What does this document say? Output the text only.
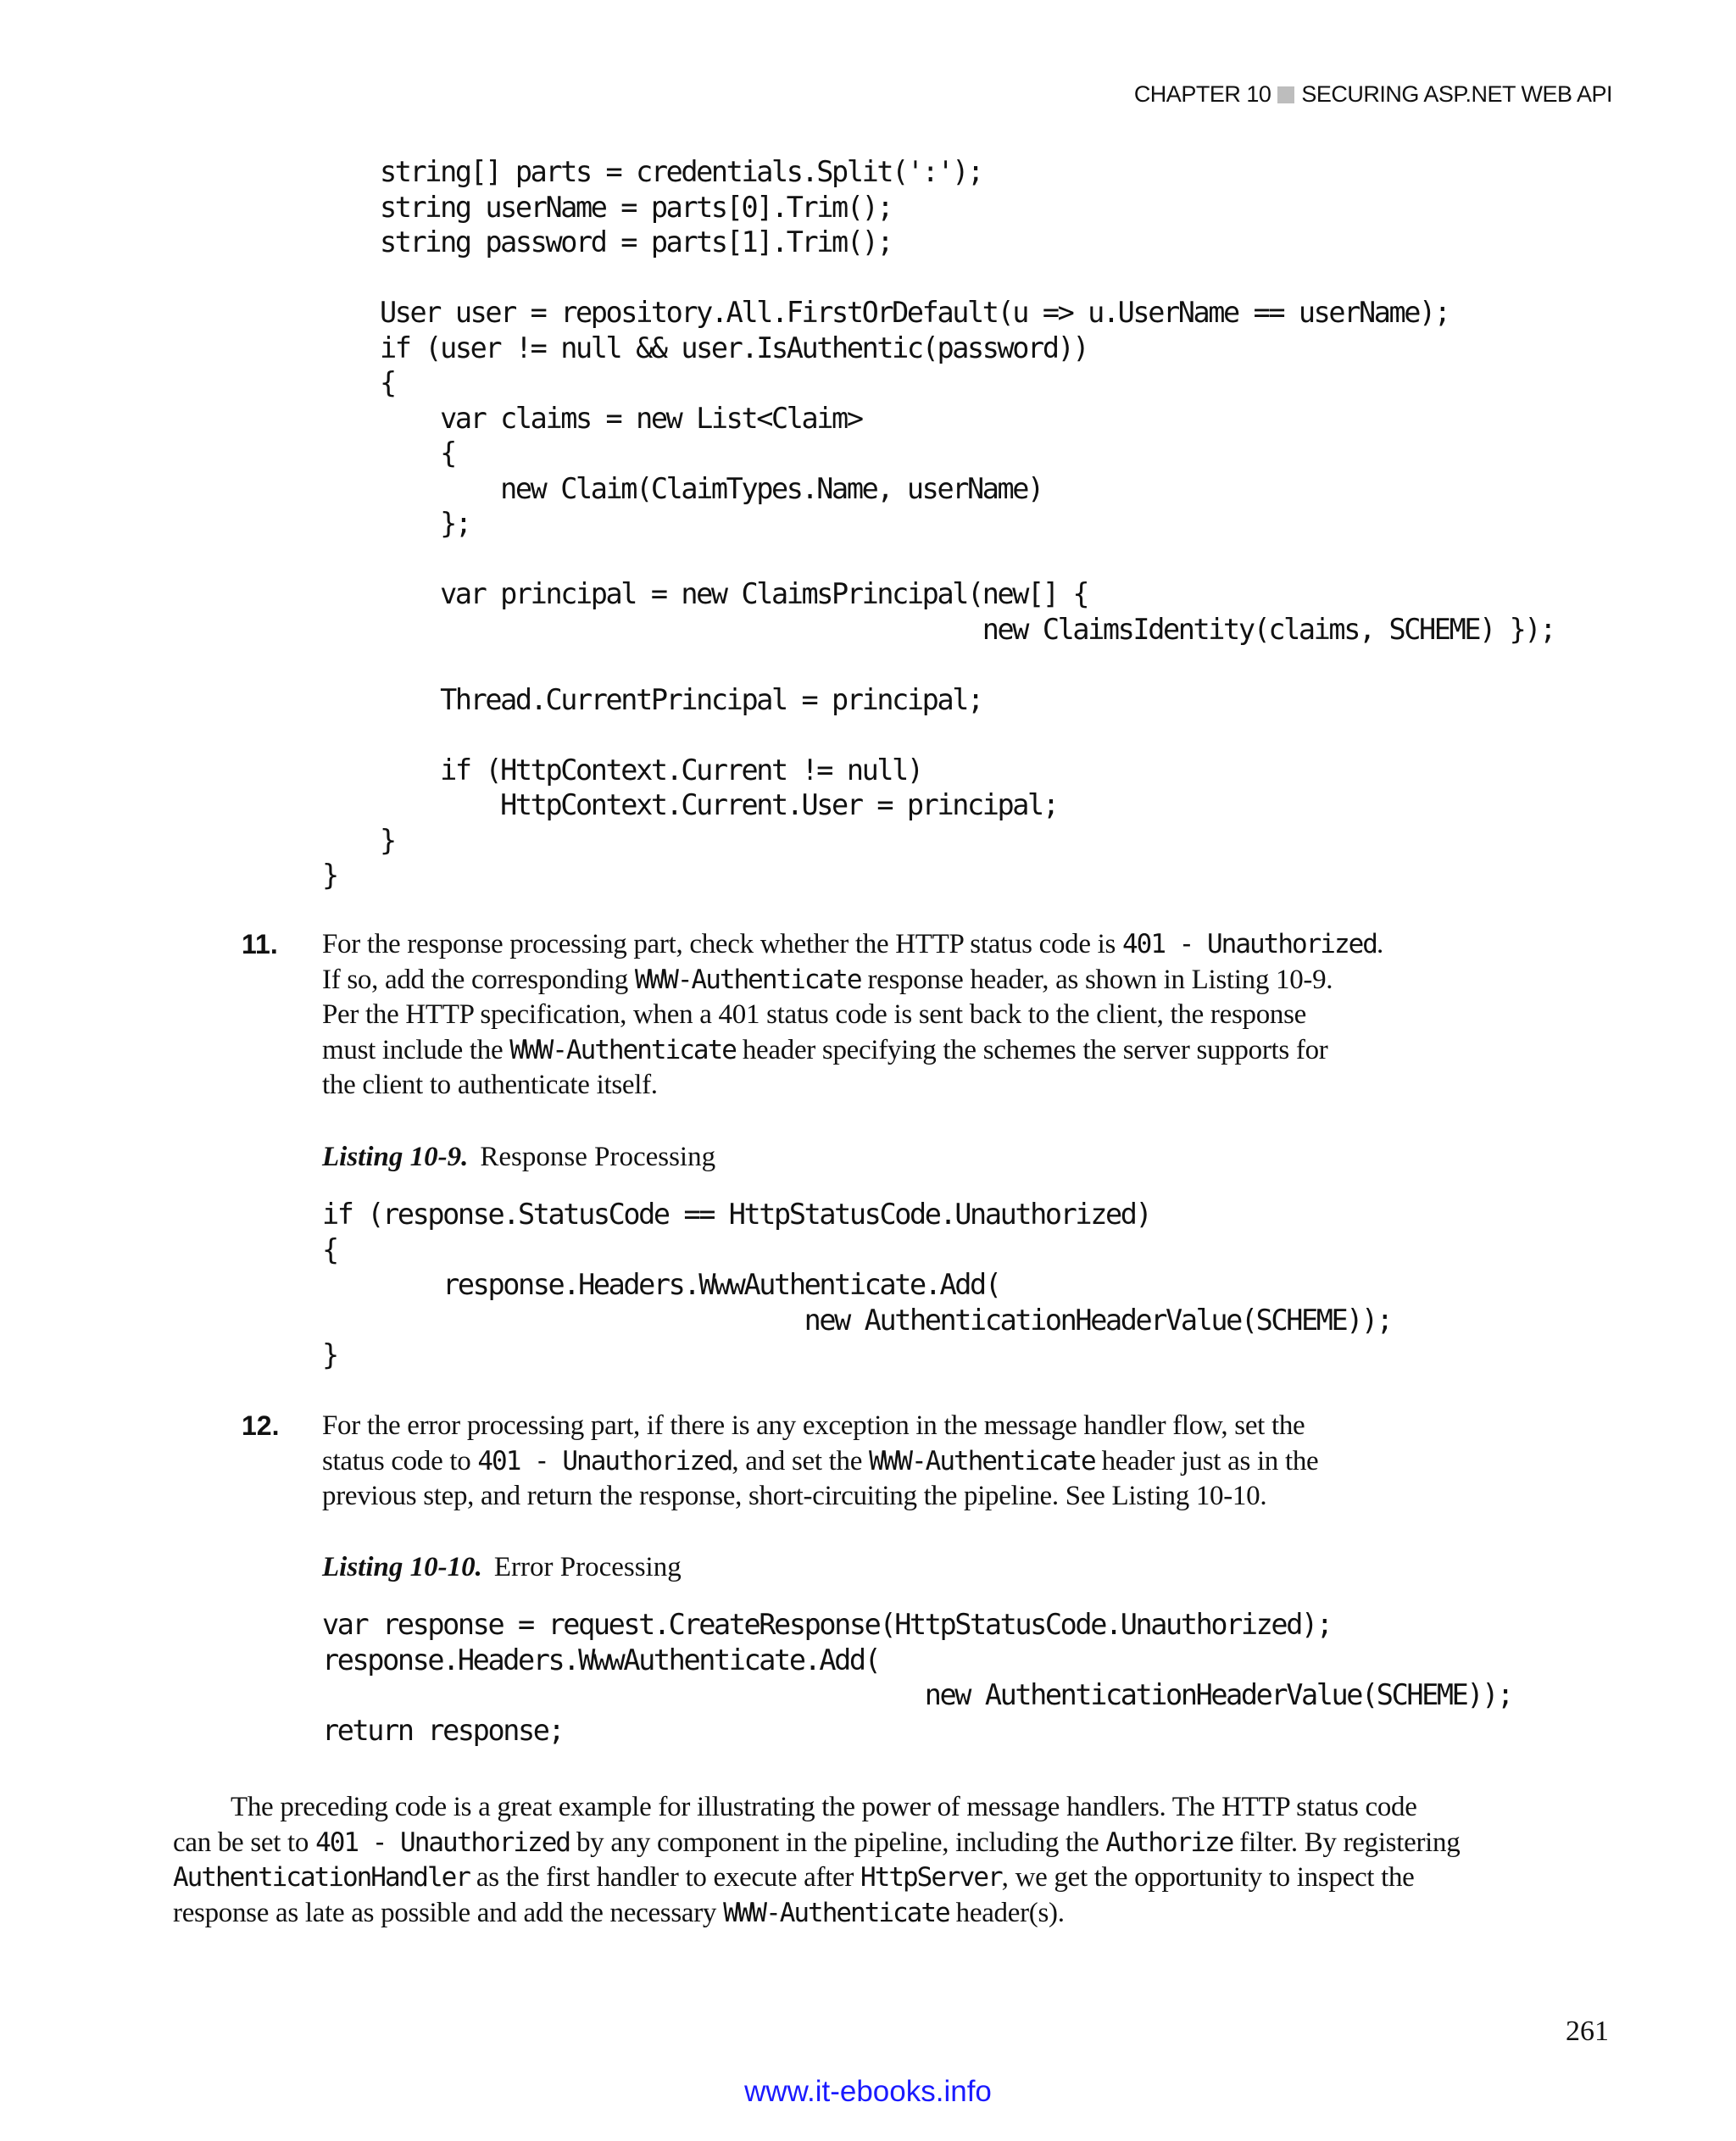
CHAPTER 10 SECURING ASP.NET WEB API
string[] parts = credentials.Split(':');
string userName = parts[0].Trim();
string password = parts[1].Trim();

User user = repository.All.FirstOrDefault(u => u.UserName == userName);
if (user != null && user.IsAuthentic(password))
{
var claims = new List<Claim>
{
new Claim(ClaimTypes.Name, userName)
};

var principal = new ClaimsPrincipal(new[] {
new ClaimsIdentity(claims, SCHEME) });

Thread.CurrentPrincipal = principal;

if (HttpContext.Current != null)
HttpContext.Current.User = principal;
}
}
11. For the response processing part, check whether the HTTP status code is 401 - Unauthorized.
If so, add the corresponding WWW-Authenticate response header, as shown in Listing 10-9.
Per the HTTP specification, when a 401 status code is sent back to the client, the response
must include the WWW-Authenticate header specifying the schemes the server supports for
the client to authenticate itself.
Listing 10-9. Response Processing
if (response.StatusCode == HttpStatusCode.Unauthorized)
{
response.Headers.WwwAuthenticate.Add(
new AuthenticationHeaderValue(SCHEME));
}
12. For the error processing part, if there is any exception in the message handler flow, set the
status code to 401 - Unauthorized, and set the WWW-Authenticate header just as in the
previous step, and return the response, short-circuiting the pipeline. See Listing 10-10.
Listing 10-10. Error Processing
var response = request.CreateResponse(HttpStatusCode.Unauthorized);
response.Headers.WwwAuthenticate.Add(
new AuthenticationHeaderValue(SCHEME));
return response;
The preceding code is a great example for illustrating the power of message handlers. The HTTP status code
can be set to 401 - Unauthorized by any component in the pipeline, including the Authorize filter. By registering
AuthenticationHandler as the first handler to execute after HttpServer, we get the opportunity to inspect the
response as late as possible and add the necessary WWW-Authenticate header(s).
261
www.it-ebooks.info
